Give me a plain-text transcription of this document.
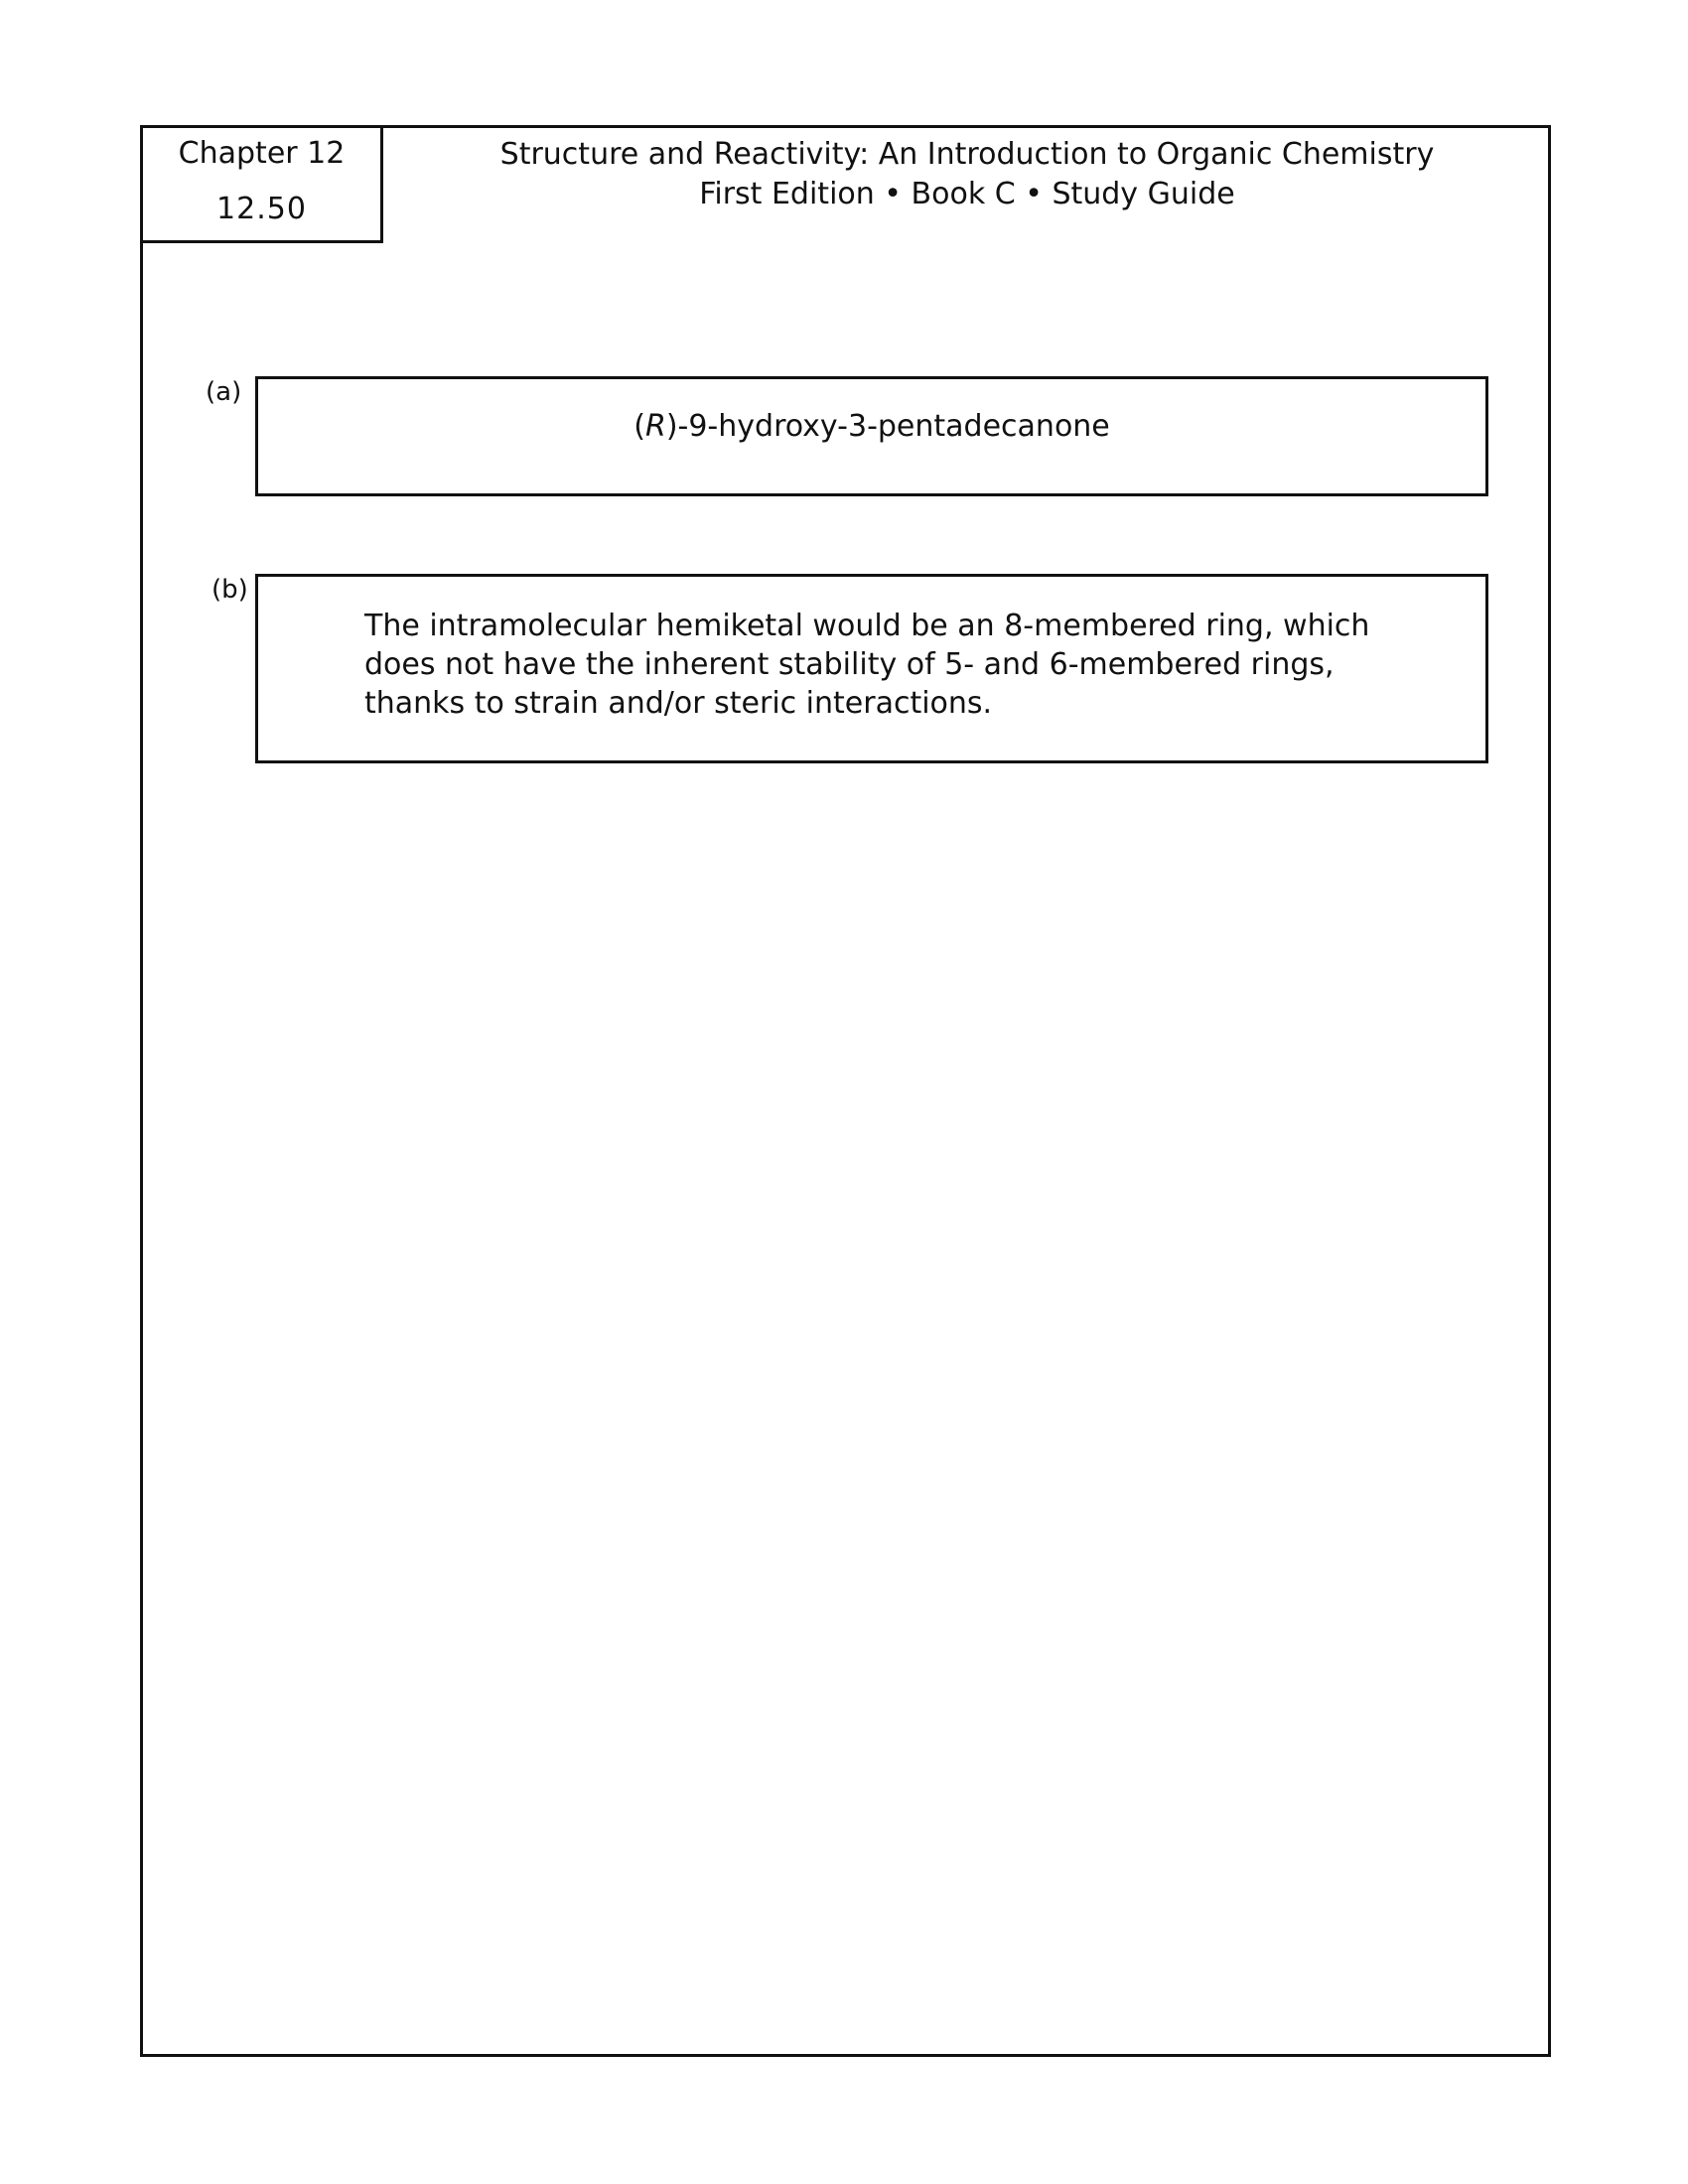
Chapter 12
12.50
Structure and Reactivity: An Introduction to Organic Chemistry
First Edition • Book C • Study Guide
(a)
(R)-9-hydroxy-3-pentadecanone
(b)
The intramolecular hemiketal would be an 8-membered ring, which does not have the inherent stability of 5- and 6-membered rings, thanks to strain and/or steric interactions.
